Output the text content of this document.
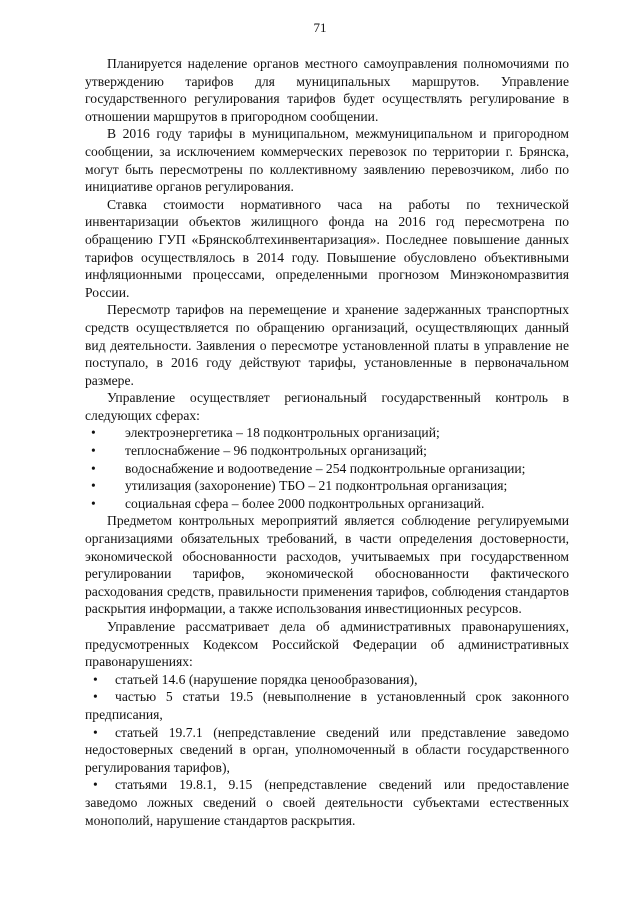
71

Планируется наделение органов местного самоуправления полномочиями по утверждению тарифов для муниципальных маршрутов. Управление государственного регулирования тарифов будет осуществлять регулирование в отношении маршрутов в пригородном сообщении.

В 2016 году тарифы в муниципальном, межмуниципальном и пригородном сообщении, за исключением коммерческих перевозок по территории г. Брянска, могут быть пересмотрены по коллективному заявлению перевозчиком, либо по инициативе органов регулирования.

Ставка стоимости нормативного часа на работы по технической инвентаризации объектов жилищного фонда на 2016 год пересмотрена по обращению ГУП «Брянскоблтехинвентаризация». Последнее повышение данных тарифов осуществлялось в 2014 году. Повышение обусловлено объективными инфляционными процессами, определенными прогнозом Минэкономразвития России.

Пересмотр тарифов на перемещение и хранение задержанных транспортных средств осуществляется по обращению организаций, осуществляющих данный вид деятельности. Заявления о пересмотре установленной платы в управление не поступало, в 2016 году действуют тарифы, установленные в первоначальном размере.

Управление осуществляет региональный государственный контроль в следующих сферах:

• электроэнергетика – 18 подконтрольных организаций;
• теплоснабжение – 96 подконтрольных организаций;
• водоснабжение и водоотведение – 254 подконтрольные организации;
• утилизация (захоронение) ТБО – 21 подконтрольная организация;
• социальная сфера – более 2000 подконтрольных организаций.

Предметом контрольных мероприятий является соблюдение регулируемыми организациями обязательных требований, в части определения достоверности, экономической обоснованности расходов, учитываемых при государственном регулировании тарифов, экономической обоснованности фактического расходования средств, правильности применения тарифов, соблюдения стандартов раскрытия информации, а также использования инвестиционных ресурсов.

Управление рассматривает дела об административных правонарушениях, предусмотренных Кодексом Российской Федерации об административных правонарушениях:

• статьей 14.6 (нарушение порядка ценообразования),
• частью 5 статьи 19.5 (невыполнение в установленный срок законного предписания,
• статьей 19.7.1 (непредставление сведений или представление заведомо недостоверных сведений в орган, уполномоченный в области государственного регулирования тарифов),
• статьями 19.8.1, 9.15 (непредставление сведений или предоставление заведомо ложных сведений о своей деятельности субъектами естественных монополий, нарушение стандартов раскрытия.
